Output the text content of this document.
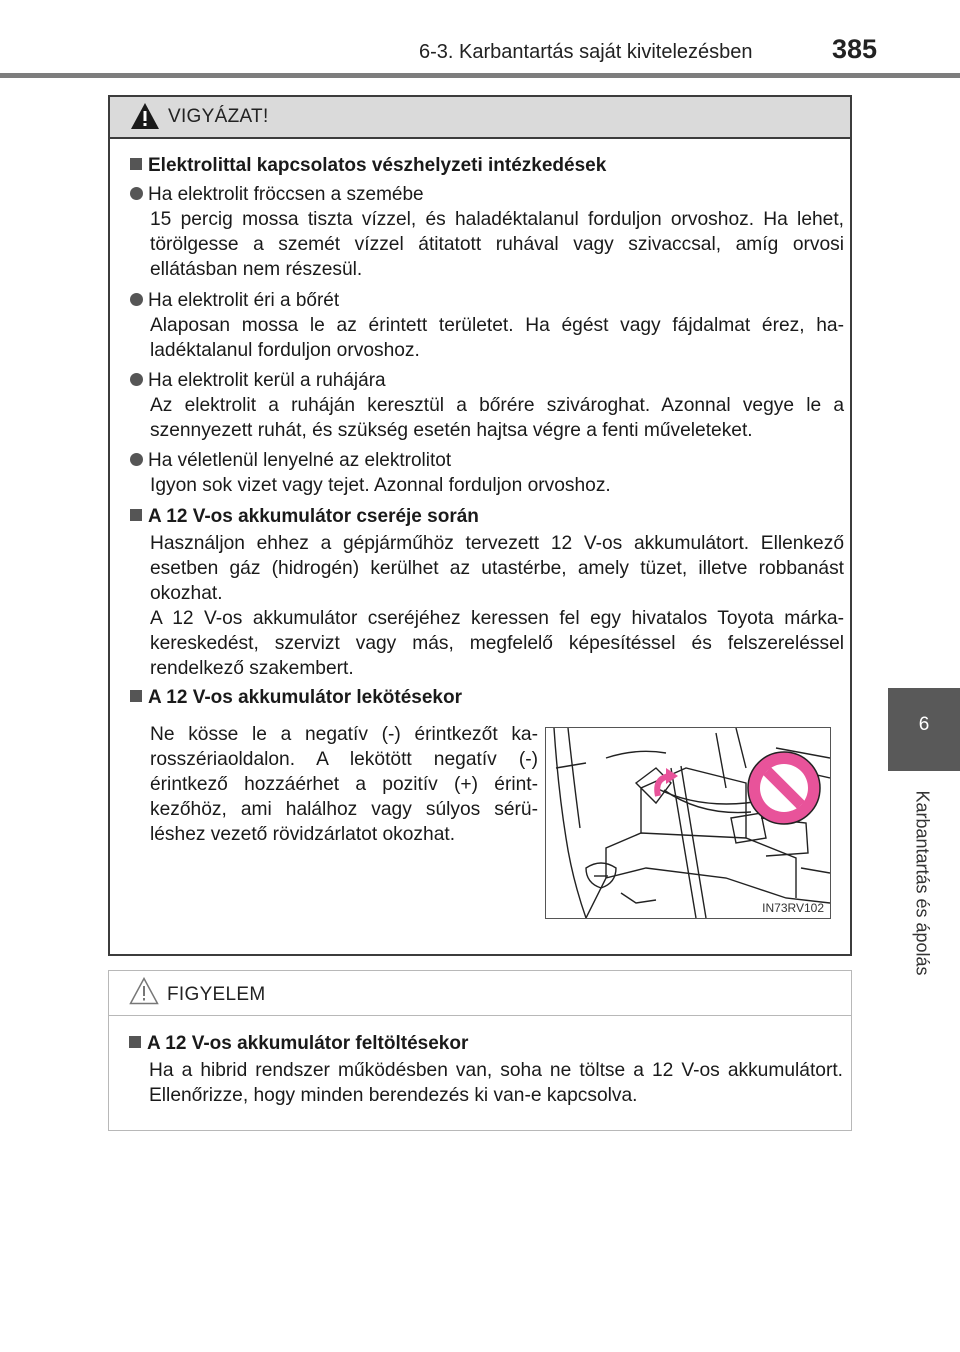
6-3. Karbantartás saját kivitelezésben	385
6
Karbantartás és ápolás
VIGYÁZAT!
Elektrolittal kapcsolatos vészhelyzeti intézkedések
Ha elektrolit fröccsen a szemébe
15 percig mossa tiszta vízzel, és haladéktalanul forduljon orvoshoz. Ha lehet, törölgesse a szemét vízzel átitatott ruhával vagy szivaccsal, amíg orvosi ellátásban nem részesül.
Ha elektrolit éri a bőrét
Alaposan mossa le az érintett területet. Ha égést vagy fájdalmat érez, haladéktalanul forduljon orvoshoz.
Ha elektrolit kerül a ruhájára
Az elektrolit a ruháján keresztül a bőrére szivároghat. Azonnal vegye le a szennyezett ruhát, és szükség esetén hajtsa végre a fenti műveleteket.
Ha véletlenül lenyelné az elektrolitot
Igyon sok vizet vagy tejet. Azonnal forduljon orvoshoz.
A 12 V-os akkumulátor cseréje során
Használjon ehhez a gépjárműhöz tervezett 12 V-os akkumulátort. Ellenkező esetben gáz (hidrogén) kerülhet az utastérbe, amely tüzet, illetve robbanást okozhat.
A 12 V-os akkumulátor cseréjéhez keressen fel egy hivatalos Toyota márkakereskedést, szervizt vagy más, megfelelő képesítéssel és felszereléssel rendelkező szakembert.
A 12 V-os akkumulátor lekötésekor
Ne kösse le a negatív (-) érintkezőt karosszériaoldalon. A lekötött negatív (-) érintkező hozzáérhet a pozitív (+) érintkezőhöz, ami halálhoz vagy súlyos sérüléshez vezető rövidzárlatot okozhat.
IN73RV102
FIGYELEM
A 12 V-os akkumulátor feltöltésekor
Ha a hibrid rendszer működésben van, soha ne töltse a 12 V-os akkumulátort. Ellenőrizze, hogy minden berendezés ki van-e kapcsolva.
